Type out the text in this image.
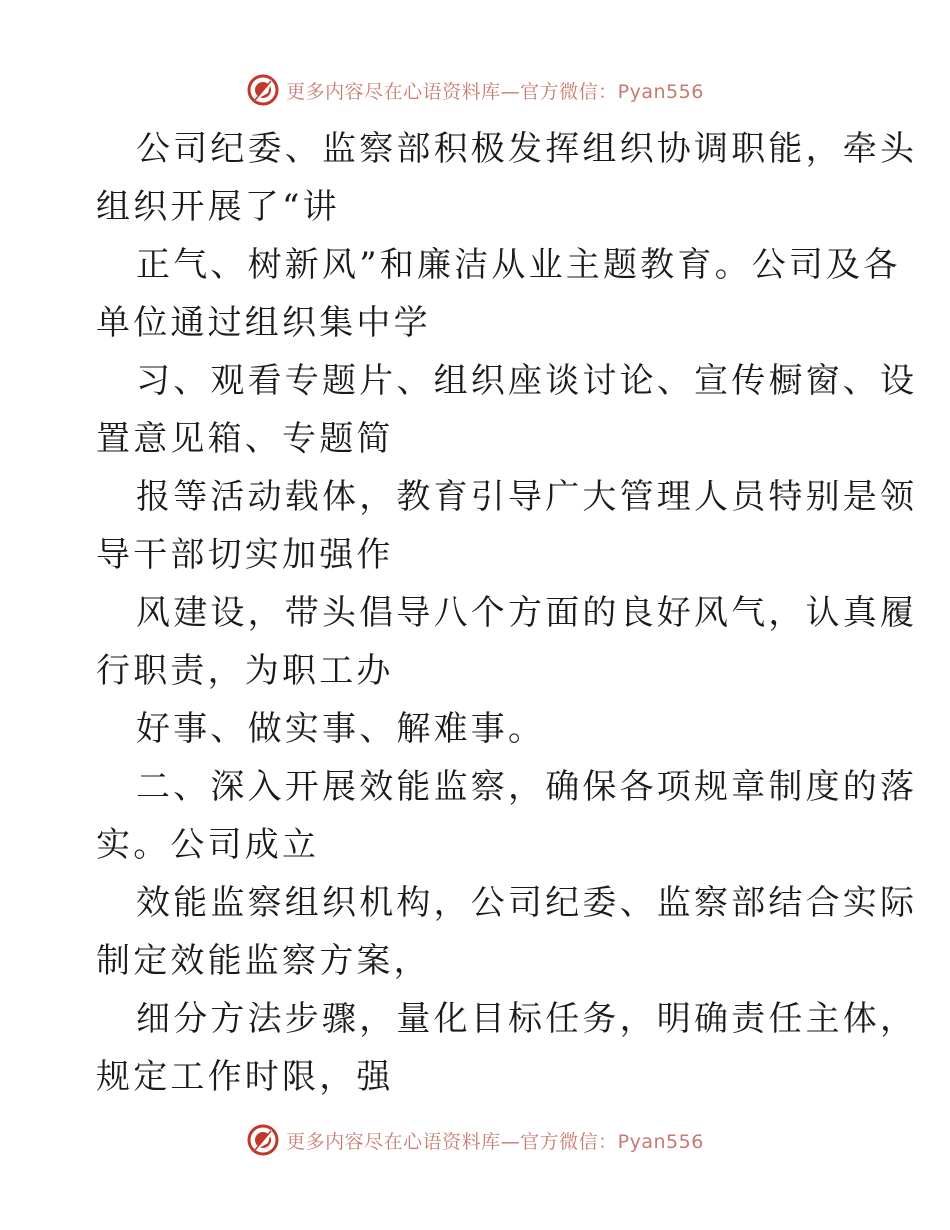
更多内容尽在心语资料库—官方微信：Pyan556
公司纪委、监察部积极发挥组织协调职能，牵头
组织开展了“讲
正气、树新风”和廉洁从业主题教育。公司及各
单位通过组织集中学
习、观看专题片、组织座谈讨论、宣传橱窗、设
置意见箱、专题简
报等活动载体，教育引导广大管理人员特别是领
导干部切实加强作
风建设，带头倡导八个方面的良好风气，认真履
行职责，为职工办
好事、做实事、解难事。
二、深入开展效能监察，确保各项规章制度的落
实。公司成立
效能监察组织机构，公司纪委、监察部结合实际
制定效能监察方案，
细分方法步骤，量化目标任务，明确责任主体，
规定工作时限，强
更多内容尽在心语资料库—官方微信：Pyan556
